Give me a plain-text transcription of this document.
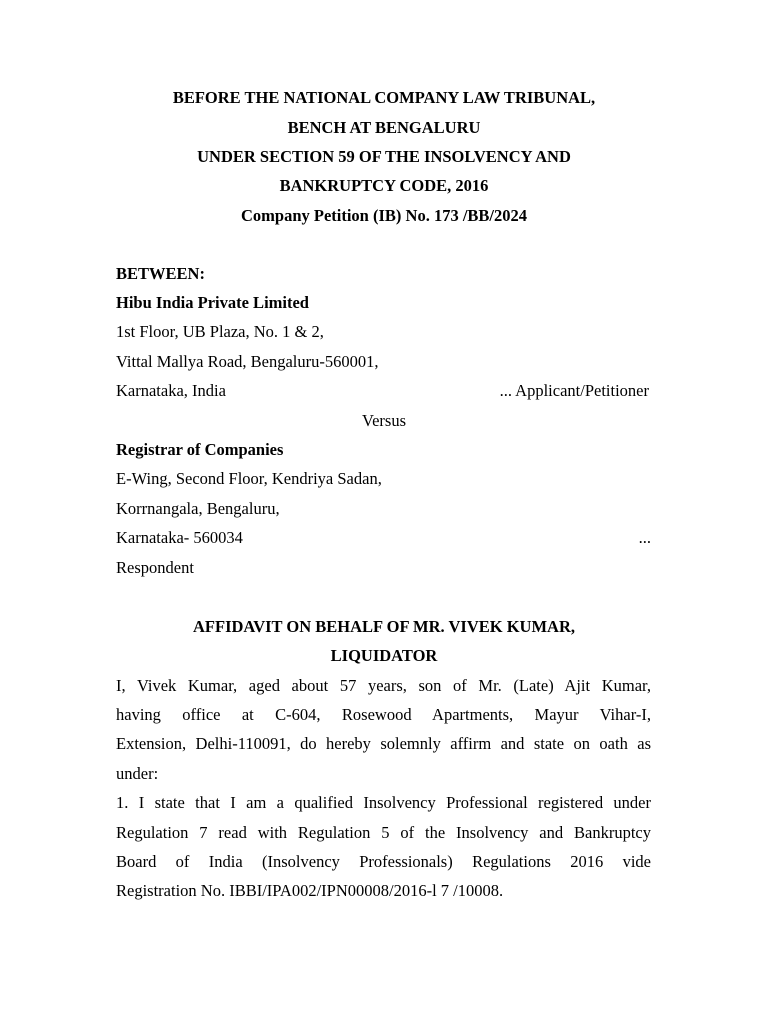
BEFORE THE NATIONAL COMPANY LAW TRIBUNAL,
BENCH AT BENGALURU
UNDER SECTION 59 OF THE INSOLVENCY AND
BANKRUPTCY CODE, 2016
Company Petition (IB) No. 173 /BB/2024
BETWEEN:
Hibu India Private Limited
1st Floor, UB Plaza, No. 1 & 2,
Vittal Mallya Road, Bengaluru-560001,
Karnataka, India	... Applicant/Petitioner
Versus
Registrar of Companies
E-Wing, Second Floor, Kendriya Sadan,
Korrnangala, Bengaluru,
Karnataka- 560034	...
Respondent
AFFIDAVIT ON BEHALF OF MR. VIVEK KUMAR,
LIQUIDATOR
I, Vivek Kumar, aged about 57 years, son of Mr. (Late) Ajit Kumar,
having office at C-604, Rosewood Apartments, Mayur Vihar-I,
Extension, Delhi-110091, do hereby solemnly affirm and state on oath as
under:
1. I state that I am a qualified Insolvency Professional registered under
Regulation 7 read with Regulation 5 of the Insolvency and Bankruptcy
Board of India (Insolvency Professionals) Regulations 2016 vide
Registration No. IBBI/IPA002/IPN00008/2016-l 7 /10008.
